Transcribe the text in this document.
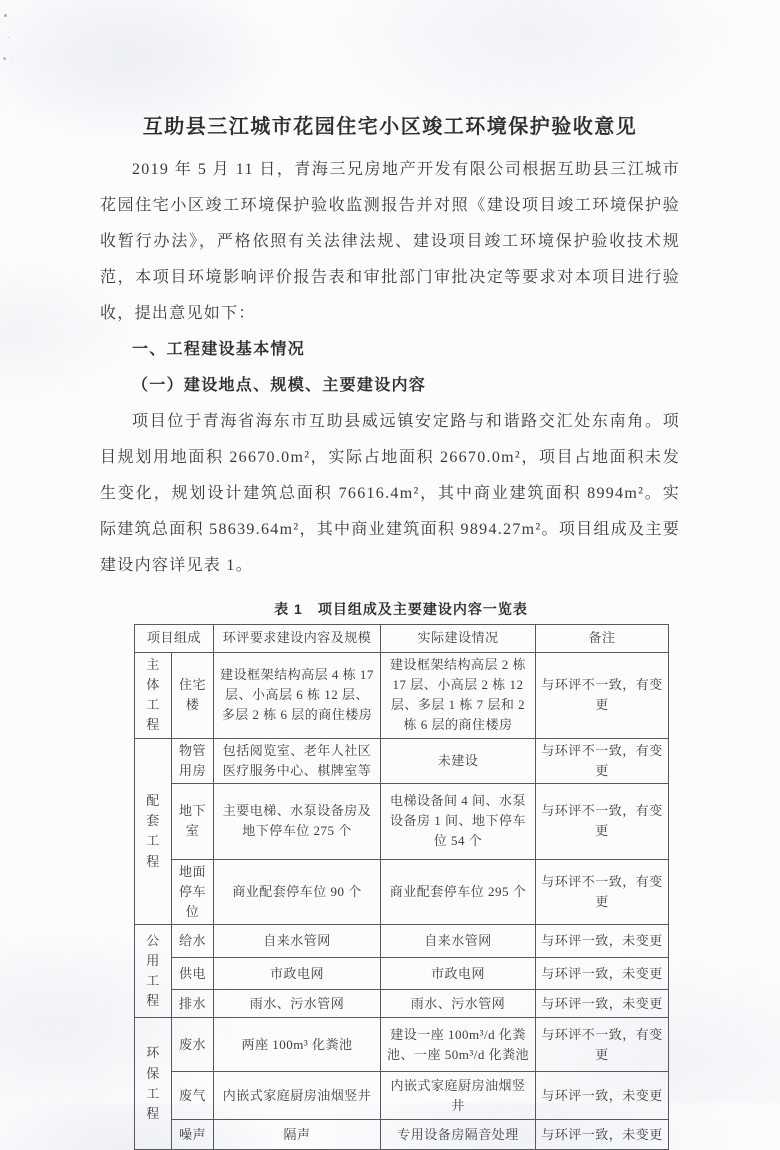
互助县三江城市花园住宅小区竣工环境保护验收意见

2019 年 5 月 11 日，青海三兄房地产开发有限公司根据互助县三江城市花园住宅小区竣工环境保护验收监测报告并对照《建设项目竣工环境保护验收暂行办法》，严格依照有关法律法规、建设项目竣工环境保护验收技术规范，本项目环境影响评价报告表和审批部门审批决定等要求对本项目进行验收，提出意见如下：

一、工程建设基本情况
（一）建设地点、规模、主要建设内容

项目位于青海省海东市互助县威远镇安定路与和谐路交汇处东南角。项目规划用地面积 26670.0m²，实际占地面积 26670.0m²，项目占地面积未发生变化，规划设计建筑总面积 76616.4m²，其中商业建筑面积 8994m²。实际建筑总面积 58639.64m²，其中商业建筑面积 9894.27m²。项目组成及主要建设内容详见表 1。

表 1　项目组成及主要建设内容一览表
项目组成		环评要求建设内容及规模	实际建设情况	备注
主体工程	住宅楼	建设框架结构高层 4 栋 17 层、小高层 6 栋 12 层、多层 2 栋 6 层的商住楼房	建设框架结构高层 2 栋 17 层、小高层 2 栋 12 层、多层 1 栋 7 层和 2 栋 6 层的商住楼房	与环评不一致，有变更
配套工程	物管用房	包括阅览室、老年人社区医疗服务中心、棋牌室等	未建设	与环评不一致，有变更
	地下室	主要电梯、水泵设备房及地下停车位 275 个	电梯设备间 4 间、水泵设备房 1 间、地下停车位 54 个	与环评不一致，有变更
	地面停车位	商业配套停车位 90 个	商业配套停车位 295 个	与环评不一致，有变更
公用工程	给水	自来水管网	自来水管网	与环评一致，未变更
	供电	市政电网	市政电网	与环评一致，未变更
	排水	雨水、污水管网	雨水、污水管网	与环评一致，未变更
环保工程	废水	两座 100m³ 化粪池	建设一座 100m³/d 化粪池、一座 50m³/d 化粪池	与环评不一致，有变更
	废气	内嵌式家庭厨房油烟竖井	内嵌式家庭厨房油烟竖井	与环评一致，未变更
	噪声	隔声	专用设备房隔音处理	与环评一致，未变更
